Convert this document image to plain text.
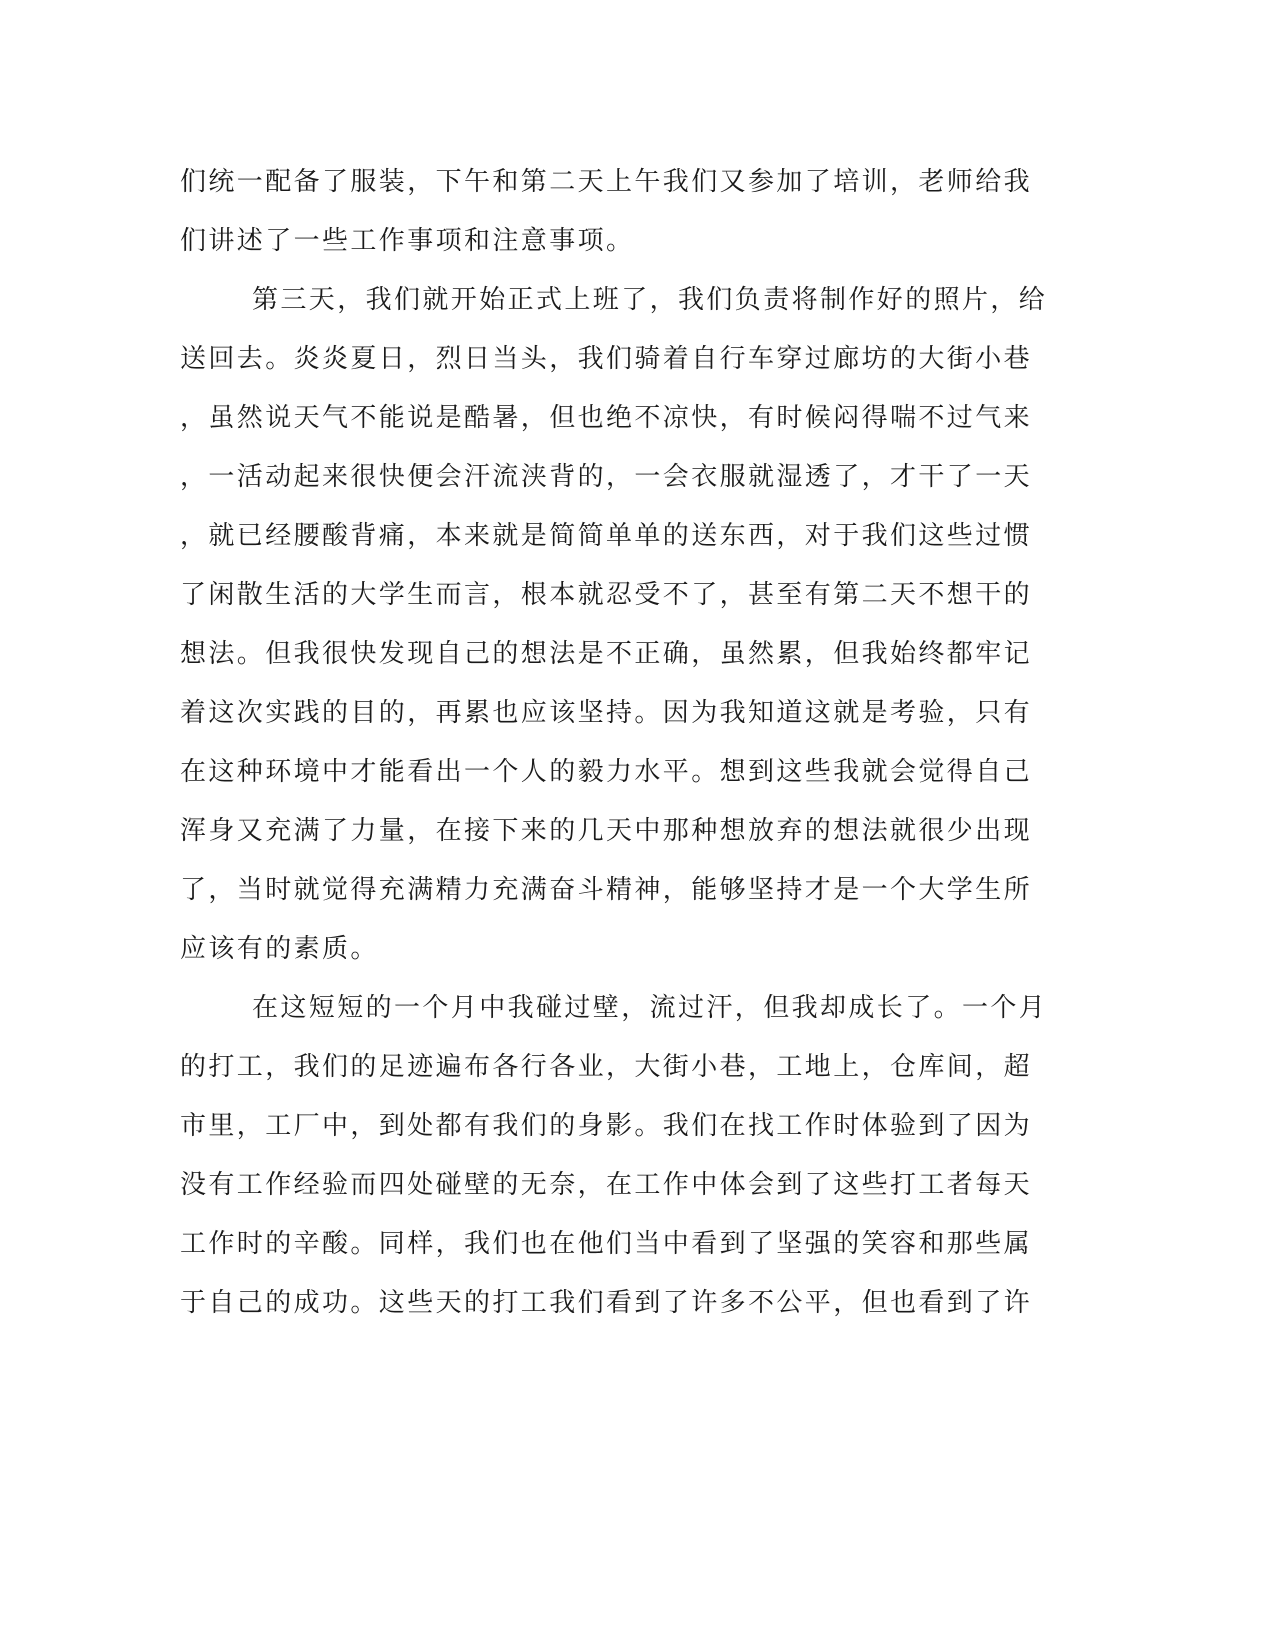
们统一配备了服装，下午和第二天上午我们又参加了培训，老师给我
们讲述了一些工作事项和注意事项。
第三天，我们就开始正式上班了，我们负责将制作好的照片，给
送回去。炎炎夏日，烈日当头，我们骑着自行车穿过廊坊的大街小巷
，虽然说天气不能说是酷暑，但也绝不凉快，有时候闷得喘不过气来
，一活动起来很快便会汗流浃背的，一会衣服就湿透了，才干了一天
，就已经腰酸背痛，本来就是简简单单的送东西，对于我们这些过惯
了闲散生活的大学生而言，根本就忍受不了，甚至有第二天不想干的
想法。但我很快发现自己的想法是不正确，虽然累，但我始终都牢记
着这次实践的目的，再累也应该坚持。因为我知道这就是考验，只有
在这种环境中才能看出一个人的毅力水平。想到这些我就会觉得自己
浑身又充满了力量，在接下来的几天中那种想放弃的想法就很少出现
了，当时就觉得充满精力充满奋斗精神，能够坚持才是一个大学生所
应该有的素质。
在这短短的一个月中我碰过壁，流过汗，但我却成长了。一个月
的打工，我们的足迹遍布各行各业，大街小巷，工地上，仓库间，超
市里，工厂中，到处都有我们的身影。我们在找工作时体验到了因为
没有工作经验而四处碰壁的无奈，在工作中体会到了这些打工者每天
工作时的辛酸。同样，我们也在他们当中看到了坚强的笑容和那些属
于自己的成功。这些天的打工我们看到了许多不公平，但也看到了许
